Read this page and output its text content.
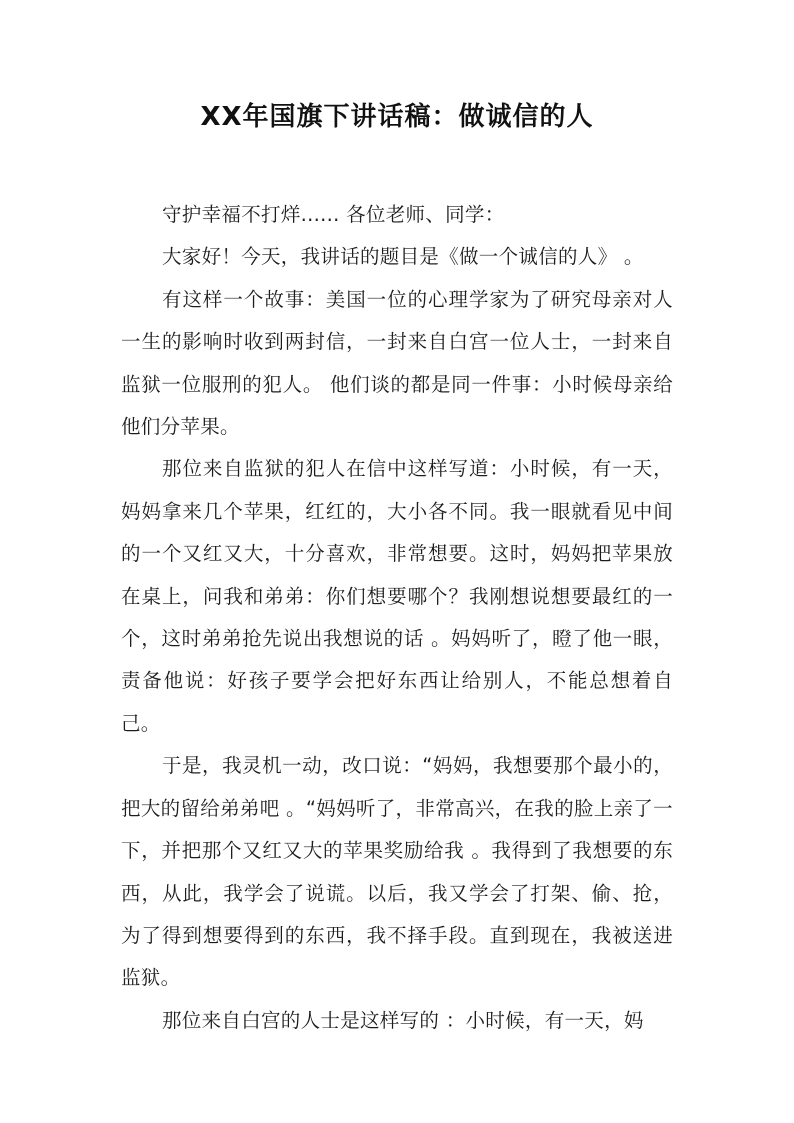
XX年国旗下讲话稿：做诚信的人

守护幸福不打烊...... 各位老师、同学：

大家好！今天，我讲话的题目是《做一个诚信的人》 。

有这样一个故事：美国一位的心理学家为了研究母亲对人一生的影响时收到两封信，一封来自白宫一位人士，一封来自监狱一位服刑的犯人。 他们谈的都是同一件事：小时候母亲给他们分苹果。

那位来自监狱的犯人在信中这样写道：小时候，有一天，妈妈拿来几个苹果，红红的，大小各不同。我一眼就看见中间的一个又红又大，十分喜欢，非常想要。这时，妈妈把苹果放在桌上，问我和弟弟：你们想要哪个？我刚想说想要最红的一个，这时弟弟抢先说出我想说的话 。妈妈听了，瞪了他一眼，责备他说：好孩子要学会把好东西让给别人，不能总想着自己。

于是，我灵机一动，改口说：“妈妈，我想要那个最小的，把大的留给弟弟吧 。“妈妈听了，非常高兴，在我的脸上亲了一下，并把那个又红又大的苹果奖励给我 。我得到了我想要的东西，从此，我学会了说谎。以后，我又学会了打架、偷、抢，为了得到想要得到的东西，我不择手段。直到现在，我被送进监狱。

那位来自白宫的人士是这样写的 ：小时候，有一天，妈
